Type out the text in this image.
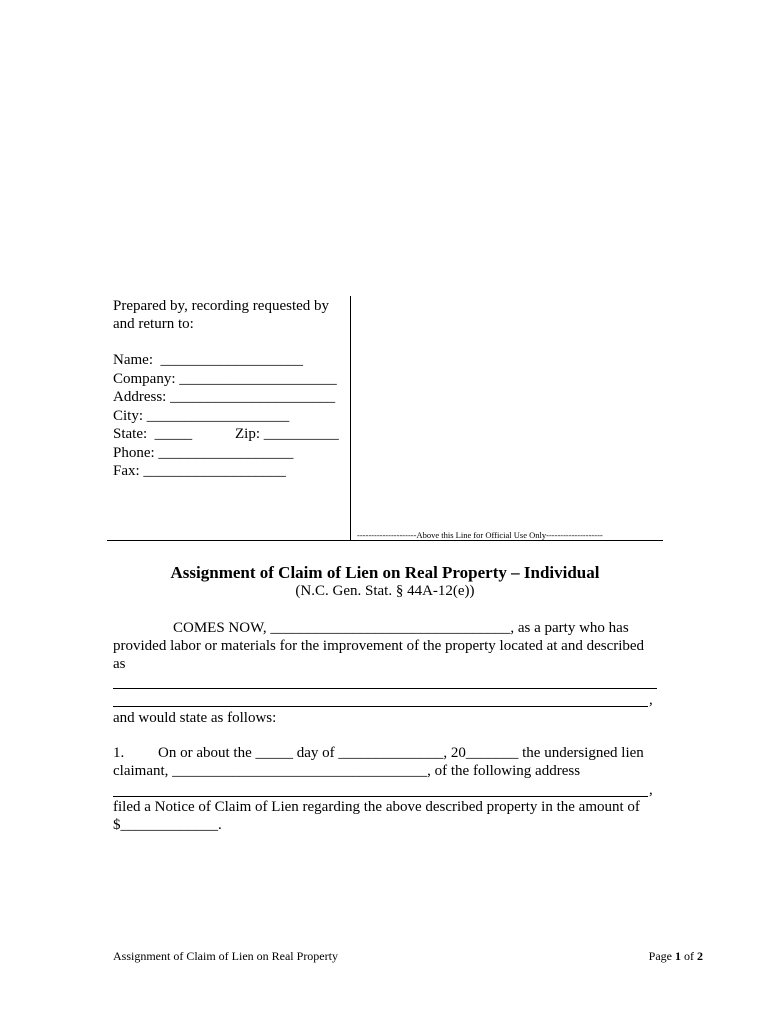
Prepared by, recording requested by
and return to:
Name:  ___________________
Company: _____________________
Address: ______________________
City: ___________________
State:  _____	Zip: __________
Phone: __________________
Fax: ___________________
---------------------Above this Line for Official Use Only--------------------
Assignment of Claim of Lien on Real Property – Individual
(N.C. Gen. Stat. § 44A-12(e))
COMES NOW, ________________________________, as a party who has
provided labor or materials for the improvement of the property located at and described
as
,
and would state as follows:
1. On or about the _____ day of ______________, 20_______ the undersigned lien
claimant, __________________________________, of the following address
,
filed a Notice of Claim of Lien regarding the above described property in the amount of
$_____________.
Assignment of Claim of Lien on Real Property	Page 1 of 2
